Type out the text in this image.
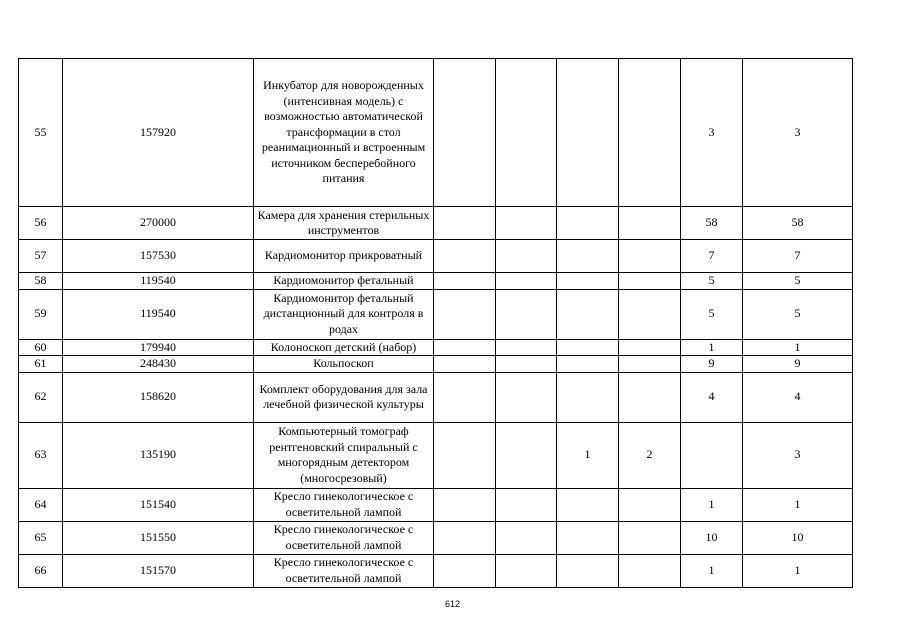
55	157920	Инкубатор для новорожденных (интенсивная модель) с возможностью автоматической трансформации в стол реанимационный и встроенным источником бесперебойного питания					3	3
56	270000	Камера для хранения стерильных инструментов					58	58
57	157530	Кардиомонитор прикроватный					7	7
58	119540	Кардиомонитор фетальный					5	5
59	119540	Кардиомонитор фетальный дистанционный для контроля в родах					5	5
60	179940	Колоноскоп детский (набор)					1	1
61	248430	Кольпоскоп					9	9
62	158620	Комплект оборудования для зала лечебной физической культуры					4	4
63	135190	Компьютерный томограф рентгеновский спиральный с многорядным детектором (многосрезовый)			1	2		3
64	151540	Кресло гинекологическое с осветительной лампой					1	1
65	151550	Кресло гинекологическое с осветительной лампой					10	10
66	151570	Кресло гинекологическое с осветительной лампой					1	1
612
